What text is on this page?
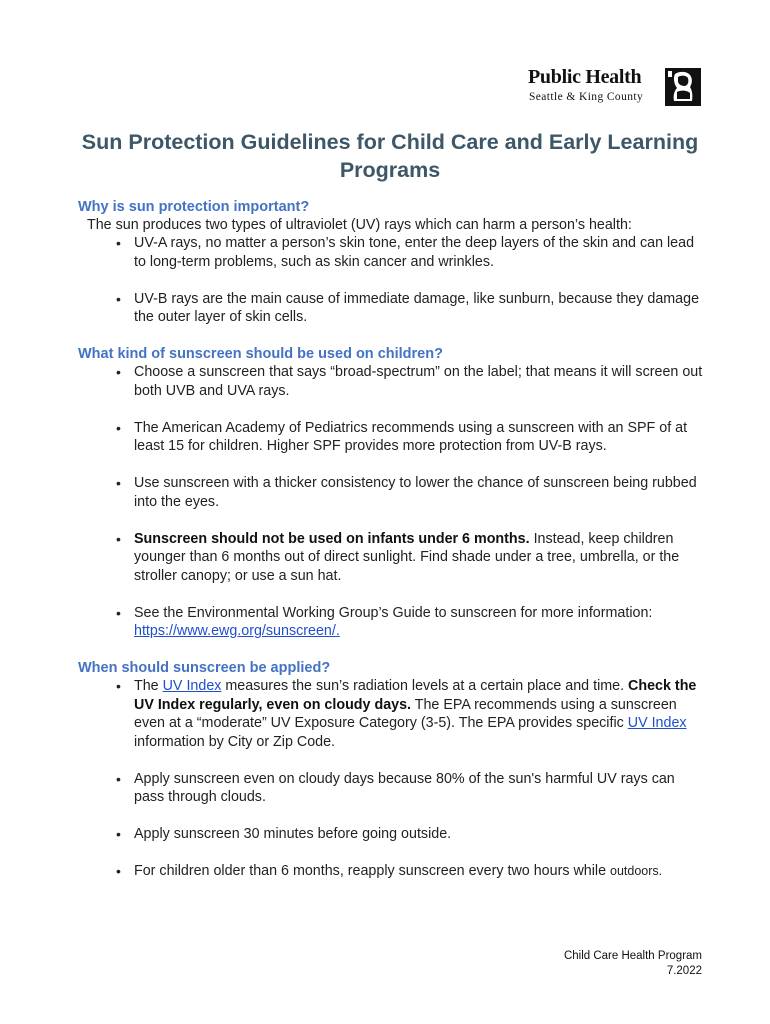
Public Health
Seattle & King County
Sun Protection Guidelines for Child Care and Early Learning Programs

Why is sun protection important?

The sun produces two types of ultraviolet (UV) rays which can harm a person’s health:

• UV-A rays, no matter a person’s skin tone, enter the deep layers of the skin and can lead to long-term problems, such as skin cancer and wrinkles.
• UV-B rays are the main cause of immediate damage, like sunburn, because they damage the outer layer of skin cells.

What kind of sunscreen should be used on children?

• Choose a sunscreen that says “broad-spectrum” on the label; that means it will screen out both UVB and UVA rays.
• The American Academy of Pediatrics recommends using a sunscreen with an SPF of at least 15 for children. Higher SPF provides more protection from UV-B rays.
• Use sunscreen with a thicker consistency to lower the chance of sunscreen being rubbed into the eyes.
• Sunscreen should not be used on infants under 6 months. Instead, keep children younger than 6 months out of direct sunlight. Find shade under a tree, umbrella, or the stroller canopy; or use a sun hat.
• See the Environmental Working Group’s Guide to sunscreen for more information: https://www.ewg.org/sunscreen/.

When should sunscreen be applied?

• The UV Index measures the sun’s radiation levels at a certain place and time. Check the UV Index regularly, even on cloudy days. The EPA recommends using a sunscreen even at a “moderate” UV Exposure Category (3-5). The EPA provides specific UV Index information by City or Zip Code.
• Apply sunscreen even on cloudy days because 80% of the sun's harmful UV rays can pass through clouds.
• Apply sunscreen 30 minutes before going outside.
• For children older than 6 months, reapply sunscreen every two hours while outdoors.
Child Care Health Program
7.2022
